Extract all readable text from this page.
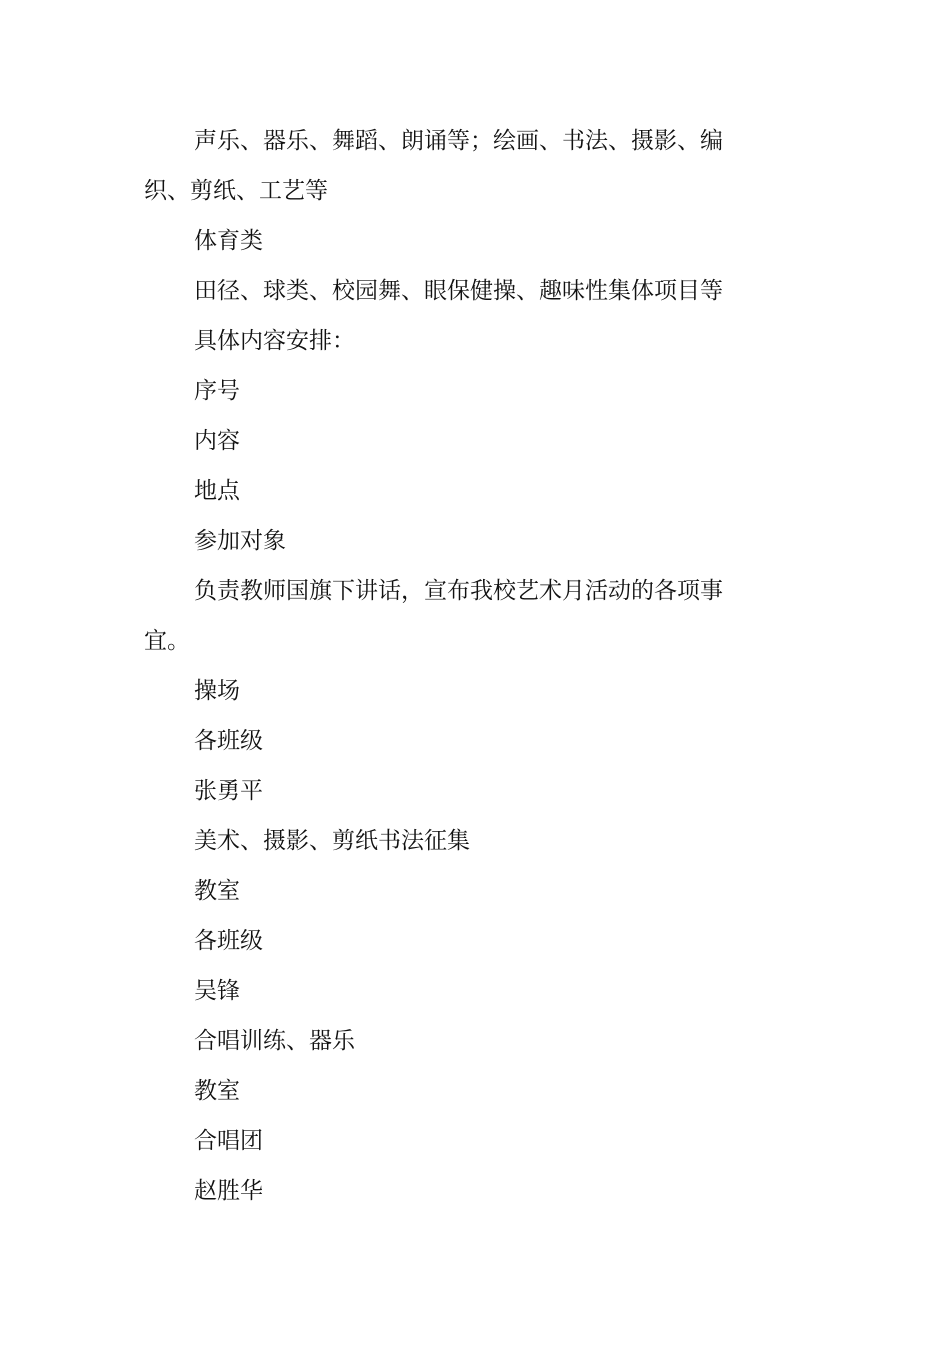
声乐、器乐、舞蹈、朗诵等；绘画、书法、摄影、编织、剪纸、工艺等

体育类

田径、球类、校园舞、眼保健操、趣味性集体项目等

具体内容安排：

序号

内容

地点

参加对象

负责教师国旗下讲话，宣布我校艺术月活动的各项事宜。

操场

各班级

张勇平

美术、摄影、剪纸书法征集

教室

各班级

吴锋

合唱训练、器乐

教室

合唱团

赵胜华
